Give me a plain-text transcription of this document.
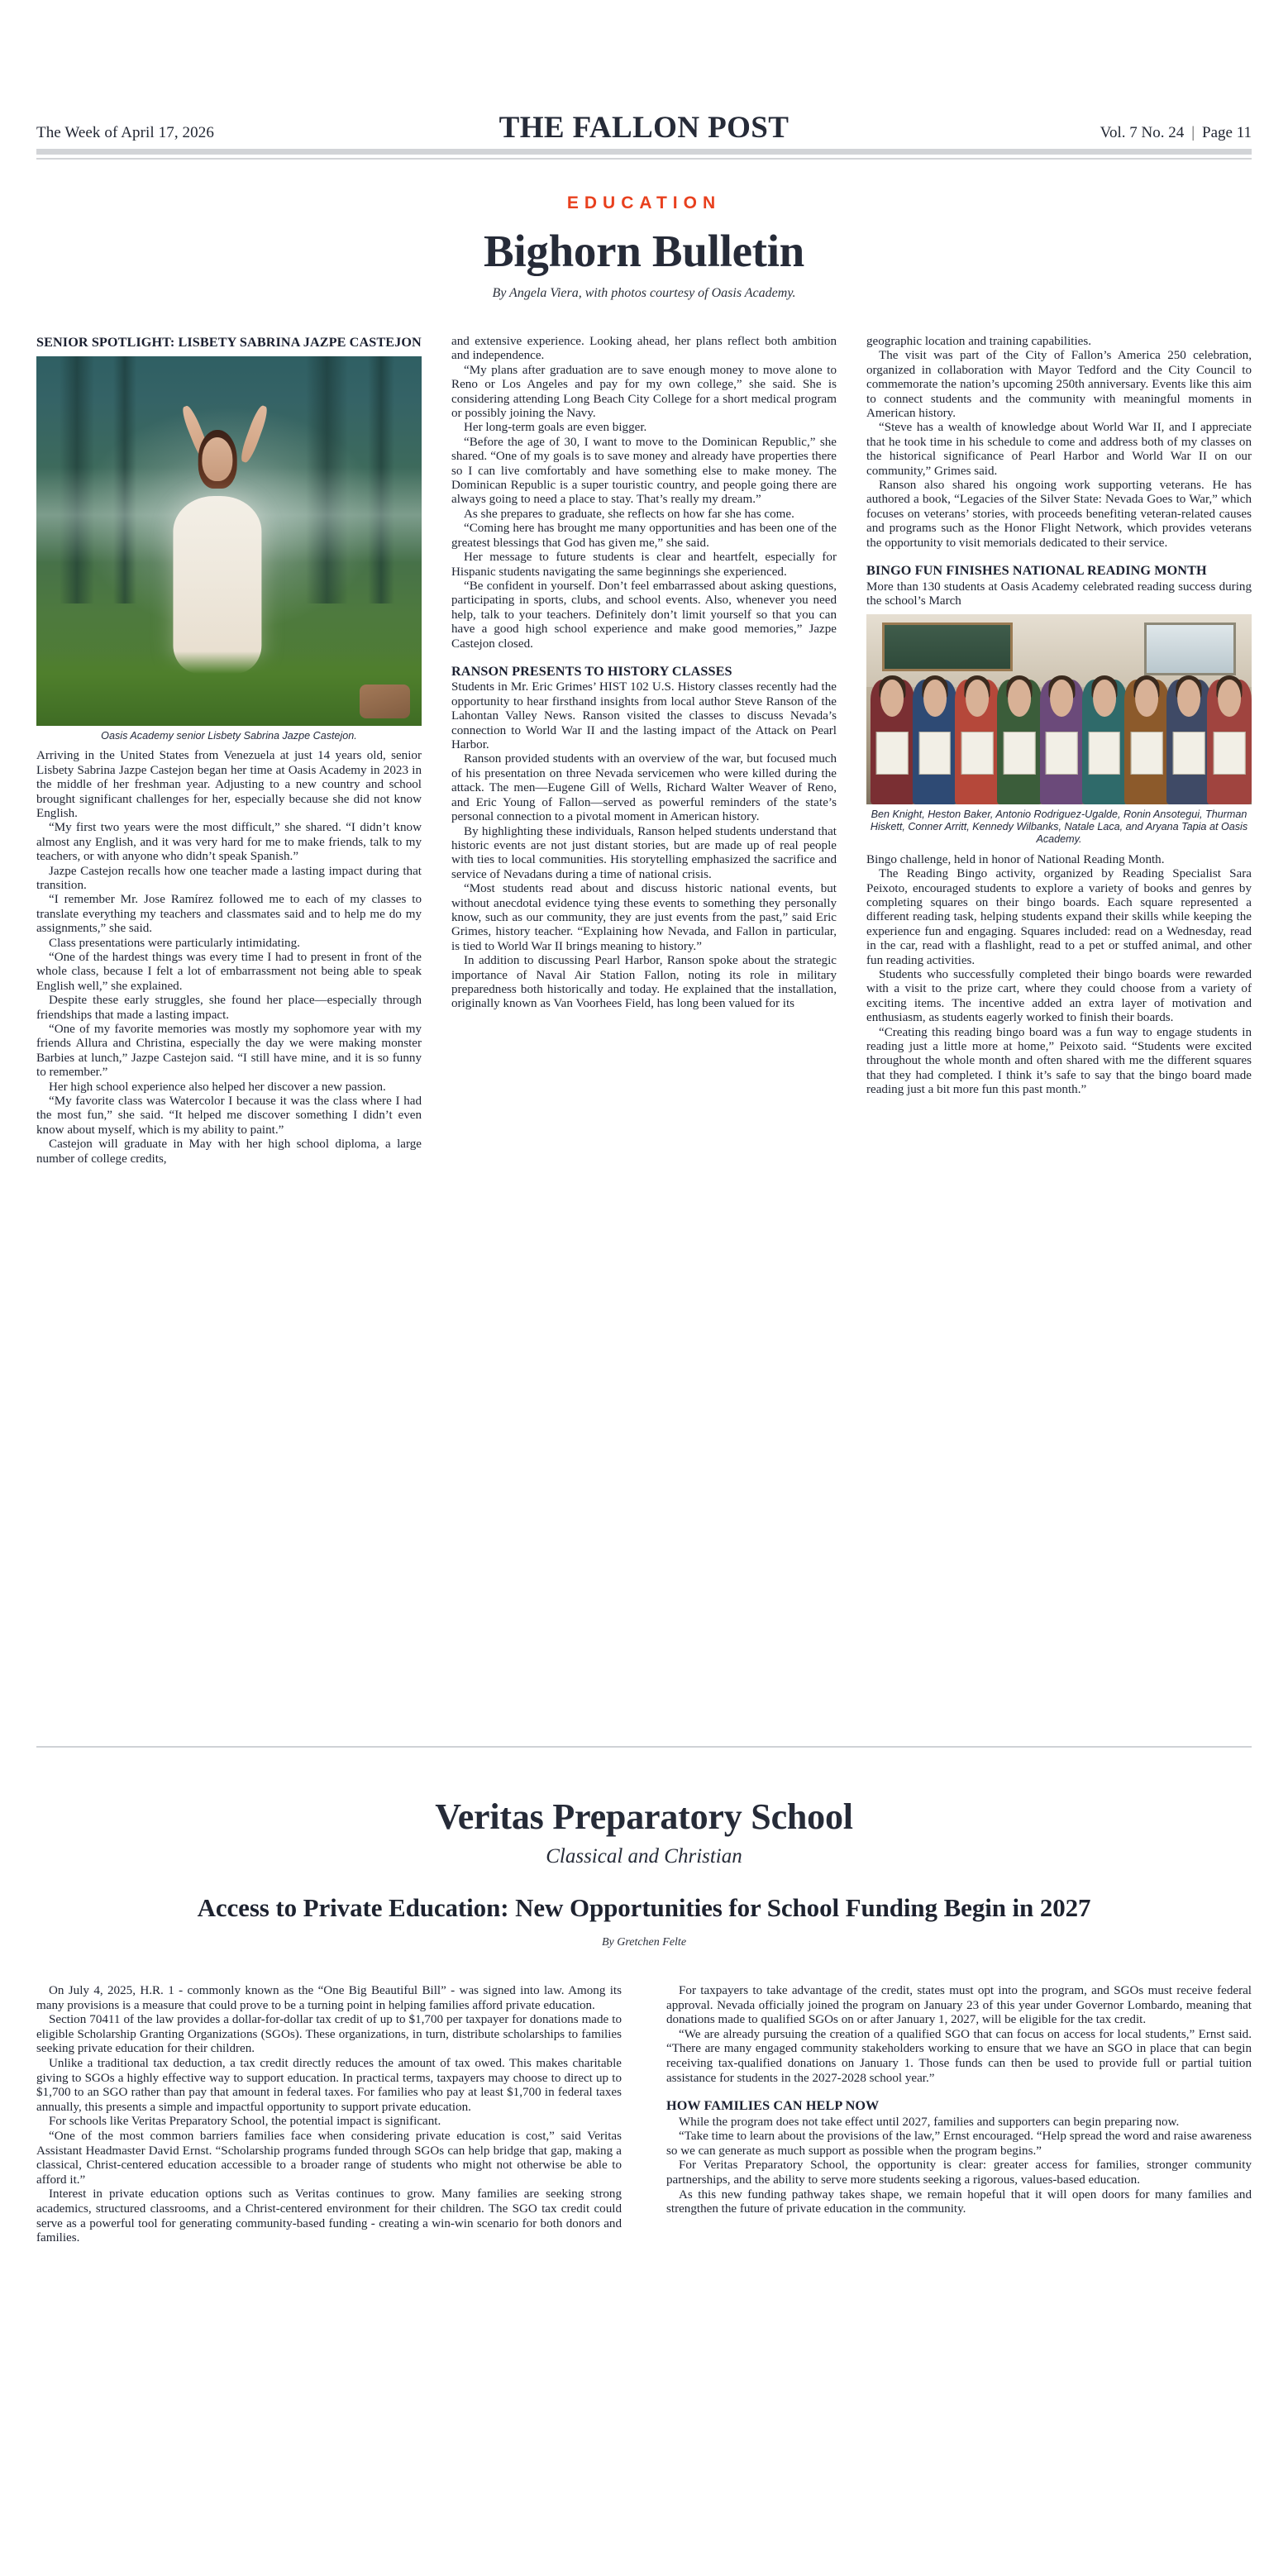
The Week of April 17, 2026	THE FALLON POST	Vol. 7 No. 24 | Page 11
EDUCATION
Bighorn Bulletin
By Angela Viera, with photos courtesy of Oasis Academy.
SENIOR SPOTLIGHT: LISBETY SABRINA JAZPE CASTEJON
Oasis Academy senior Lisbety Sabrina Jazpe Castejon.

Arriving in the United States from Venezuela at just 14 years old, senior Lisbety Sabrina Jazpe Castejon began her time at Oasis Academy in 2023 in the middle of her freshman year. Adjusting to a new country and school brought significant challenges for her, especially because she did not know English.

“My first two years were the most difficult,” she shared. “I didn’t know almost any English, and it was very hard for me to make friends, talk to my teachers, or with anyone who didn’t speak Spanish.”

Jazpe Castejon recalls how one teacher made a lasting impact during that transition.

“I remember Mr. Jose Ramírez followed me to each of my classes to translate everything my teachers and classmates said and to help me do my assignments,” she said.

Class presentations were particularly intimidating.

“One of the hardest things was every time I had to present in front of the whole class, because I felt a lot of embarrassment not being able to speak English well,” she explained.

Despite these early struggles, she found her place—especially through friendships that made a lasting impact.

“One of my favorite memories was mostly my sophomore year with my friends Allura and Christina, especially the day we were making monster Barbies at lunch,” Jazpe Castejon said. “I still have mine, and it is so funny to remember.”

Her high school experience also helped her discover a new passion.

“My favorite class was Watercolor I because it was the class where I had the most fun,” she said. “It helped me discover something I didn’t even know about myself, which is my ability to paint.”

Castejon will graduate in May with her high school diploma, a large number of college credits,

and extensive experience. Looking ahead, her plans reflect both ambition and independence.

“My plans after graduation are to save enough money to move alone to Reno or Los Angeles and pay for my own college,” she said. She is considering attending Long Beach City College for a short medical program or possibly joining the Navy.

Her long-term goals are even bigger.

“Before the age of 30, I want to move to the Dominican Republic,” she shared. “One of my goals is to save money and already have properties there so I can live comfortably and have something else to make money. The Dominican Republic is a super touristic country, and people going there are always going to need a place to stay. That’s really my dream.”

As she prepares to graduate, she reflects on how far she has come.

“Coming here has brought me many opportunities and has been one of the greatest blessings that God has given me,” she said.

Her message to future students is clear and heartfelt, especially for Hispanic students navigating the same beginnings she experienced.

“Be confident in yourself. Don’t feel embarrassed about asking questions, participating in sports, clubs, and school events. Also, whenever you need help, talk to your teachers. Definitely don’t limit yourself so that you can have a good high school experience and make good memories,” Jazpe Castejon closed.

RANSON PRESENTS TO HISTORY CLASSES

Students in Mr. Eric Grimes’ HIST 102 U.S. History classes recently had the opportunity to hear firsthand insights from local author Steve Ranson of the Lahontan Valley News. Ranson visited the classes to discuss Nevada’s connection to World War II and the lasting impact of the Attack on Pearl Harbor.

Ranson provided students with an overview of the war, but focused much of his presentation on three Nevada servicemen who were killed during the attack. The men—Eugene Gill of Wells, Richard Walter Weaver of Reno, and Eric Young of Fallon—served as powerful reminders of the state’s personal connection to a pivotal moment in American history.

By highlighting these individuals, Ranson helped students understand that historic events are not just distant stories, but are made up of real people with ties to local communities. His storytelling emphasized the sacrifice and service of Nevadans during a time of national crisis.

“Most students read about and discuss historic national events, but without anecdotal evidence tying these events to something they personally know, such as our community, they are just events from the past,” said Eric Grimes, history teacher. “Explaining how Nevada, and Fallon in particular, is tied to World War II brings meaning to history.”

In addition to discussing Pearl Harbor, Ranson spoke about the strategic importance of Naval Air Station Fallon, noting its role in military preparedness both historically and today. He explained that the installation, originally known as Van Voorhees Field, has long been valued for its

geographic location and training capabilities.

The visit was part of the City of Fallon’s America 250 celebration, organized in collaboration with Mayor Tedford and the City Council to commemorate the nation’s upcoming 250th anniversary. Events like this aim to connect students and the community with meaningful moments in American history.

“Steve has a wealth of knowledge about World War II, and I appreciate that he took time in his schedule to come and address both of my classes on the historical significance of Pearl Harbor and World War II on our community,” Grimes said.

Ranson also shared his ongoing work supporting veterans. He has authored a book, “Legacies of the Silver State: Nevada Goes to War,” which focuses on veterans’ stories, with proceeds benefiting veteran-related causes and programs such as the Honor Flight Network, which provides veterans the opportunity to visit memorials dedicated to their service.

BINGO FUN FINISHES NATIONAL READING MONTH

More than 130 students at Oasis Academy celebrated reading success during the school’s March

Ben Knight, Heston Baker, Antonio Rodriguez-Ugalde, Ronin Ansotegui, Thurman Hiskett, Conner Arritt, Kennedy Wilbanks, Natale Laca, and Aryana Tapia at Oasis Academy.

Bingo challenge, held in honor of National Reading Month.

The Reading Bingo activity, organized by Reading Specialist Sara Peixoto, encouraged students to explore a variety of books and genres by completing squares on their bingo boards. Each square represented a different reading task, helping students expand their skills while keeping the experience fun and engaging. Squares included: read on a Wednesday, read in the car, read with a flashlight, read to a pet or stuffed animal, and other fun reading activities.

Students who successfully completed their bingo boards were rewarded with a visit to the prize cart, where they could choose from a variety of exciting items. The incentive added an extra layer of motivation and enthusiasm, as students eagerly worked to finish their boards.

“Creating this reading bingo board was a fun way to engage students in reading just a little more at home,” Peixoto said. “Students were excited throughout the whole month and often shared with me the different squares that they had completed. I think it’s safe to say that the bingo board made reading just a bit more fun this past month.”

Veritas Preparatory School
Classical and Christian
Access to Private Education: New Opportunities for School Funding Begin in 2027
By Gretchen Felte

On July 4, 2025, H.R. 1 - commonly known as the “One Big Beautiful Bill” - was signed into law. Among its many provisions is a measure that could prove to be a turning point in helping families afford private education.

Section 70411 of the law provides a dollar-for-dollar tax credit of up to $1,700 per taxpayer for donations made to eligible Scholarship Granting Organizations (SGOs). These organizations, in turn, distribute scholarships to families seeking private education for their children.

Unlike a traditional tax deduction, a tax credit directly reduces the amount of tax owed. This makes charitable giving to SGOs a highly effective way to support education. In practical terms, taxpayers may choose to direct up to $1,700 to an SGO rather than pay that amount in federal taxes. For families who pay at least $1,700 in federal taxes annually, this presents a simple and impactful opportunity to support private education.

For schools like Veritas Preparatory School, the potential impact is significant.

“One of the most common barriers families face when considering private education is cost,” said Veritas Assistant Headmaster David Ernst. “Scholarship programs funded through SGOs can help bridge that gap, making a classical, Christ-centered education accessible to a broader range of students who might not otherwise be able to afford it.”

Interest in private education options such as Veritas continues to grow. Many families are seeking strong academics, structured classrooms, and a Christ-centered environment for their children. The SGO tax credit could serve as a powerful tool for generating community-based funding - creating a win-win scenario for both donors and families.

For taxpayers to take advantage of the credit, states must opt into the program, and SGOs must receive federal approval. Nevada officially joined the program on January 23 of this year under Governor Lombardo, meaning that donations made to qualified SGOs on or after January 1, 2027, will be eligible for the tax credit.

“We are already pursuing the creation of a qualified SGO that can focus on access for local students,” Ernst said. “There are many engaged community stakeholders working to ensure that we have an SGO in place that can begin receiving tax-qualified donations on January 1. Those funds can then be used to provide full or partial tuition assistance for students in the 2027-2028 school year.”

HOW FAMILIES CAN HELP NOW

While the program does not take effect until 2027, families and supporters can begin preparing now.

“Take time to learn about the provisions of the law,” Ernst encouraged. “Help spread the word and raise awareness so we can generate as much support as possible when the program begins.”

For Veritas Preparatory School, the opportunity is clear: greater access for families, stronger community partnerships, and the ability to serve more students seeking a rigorous, values-based education.

As this new funding pathway takes shape, we remain hopeful that it will open doors for many families and strengthen the future of private education in the community.
